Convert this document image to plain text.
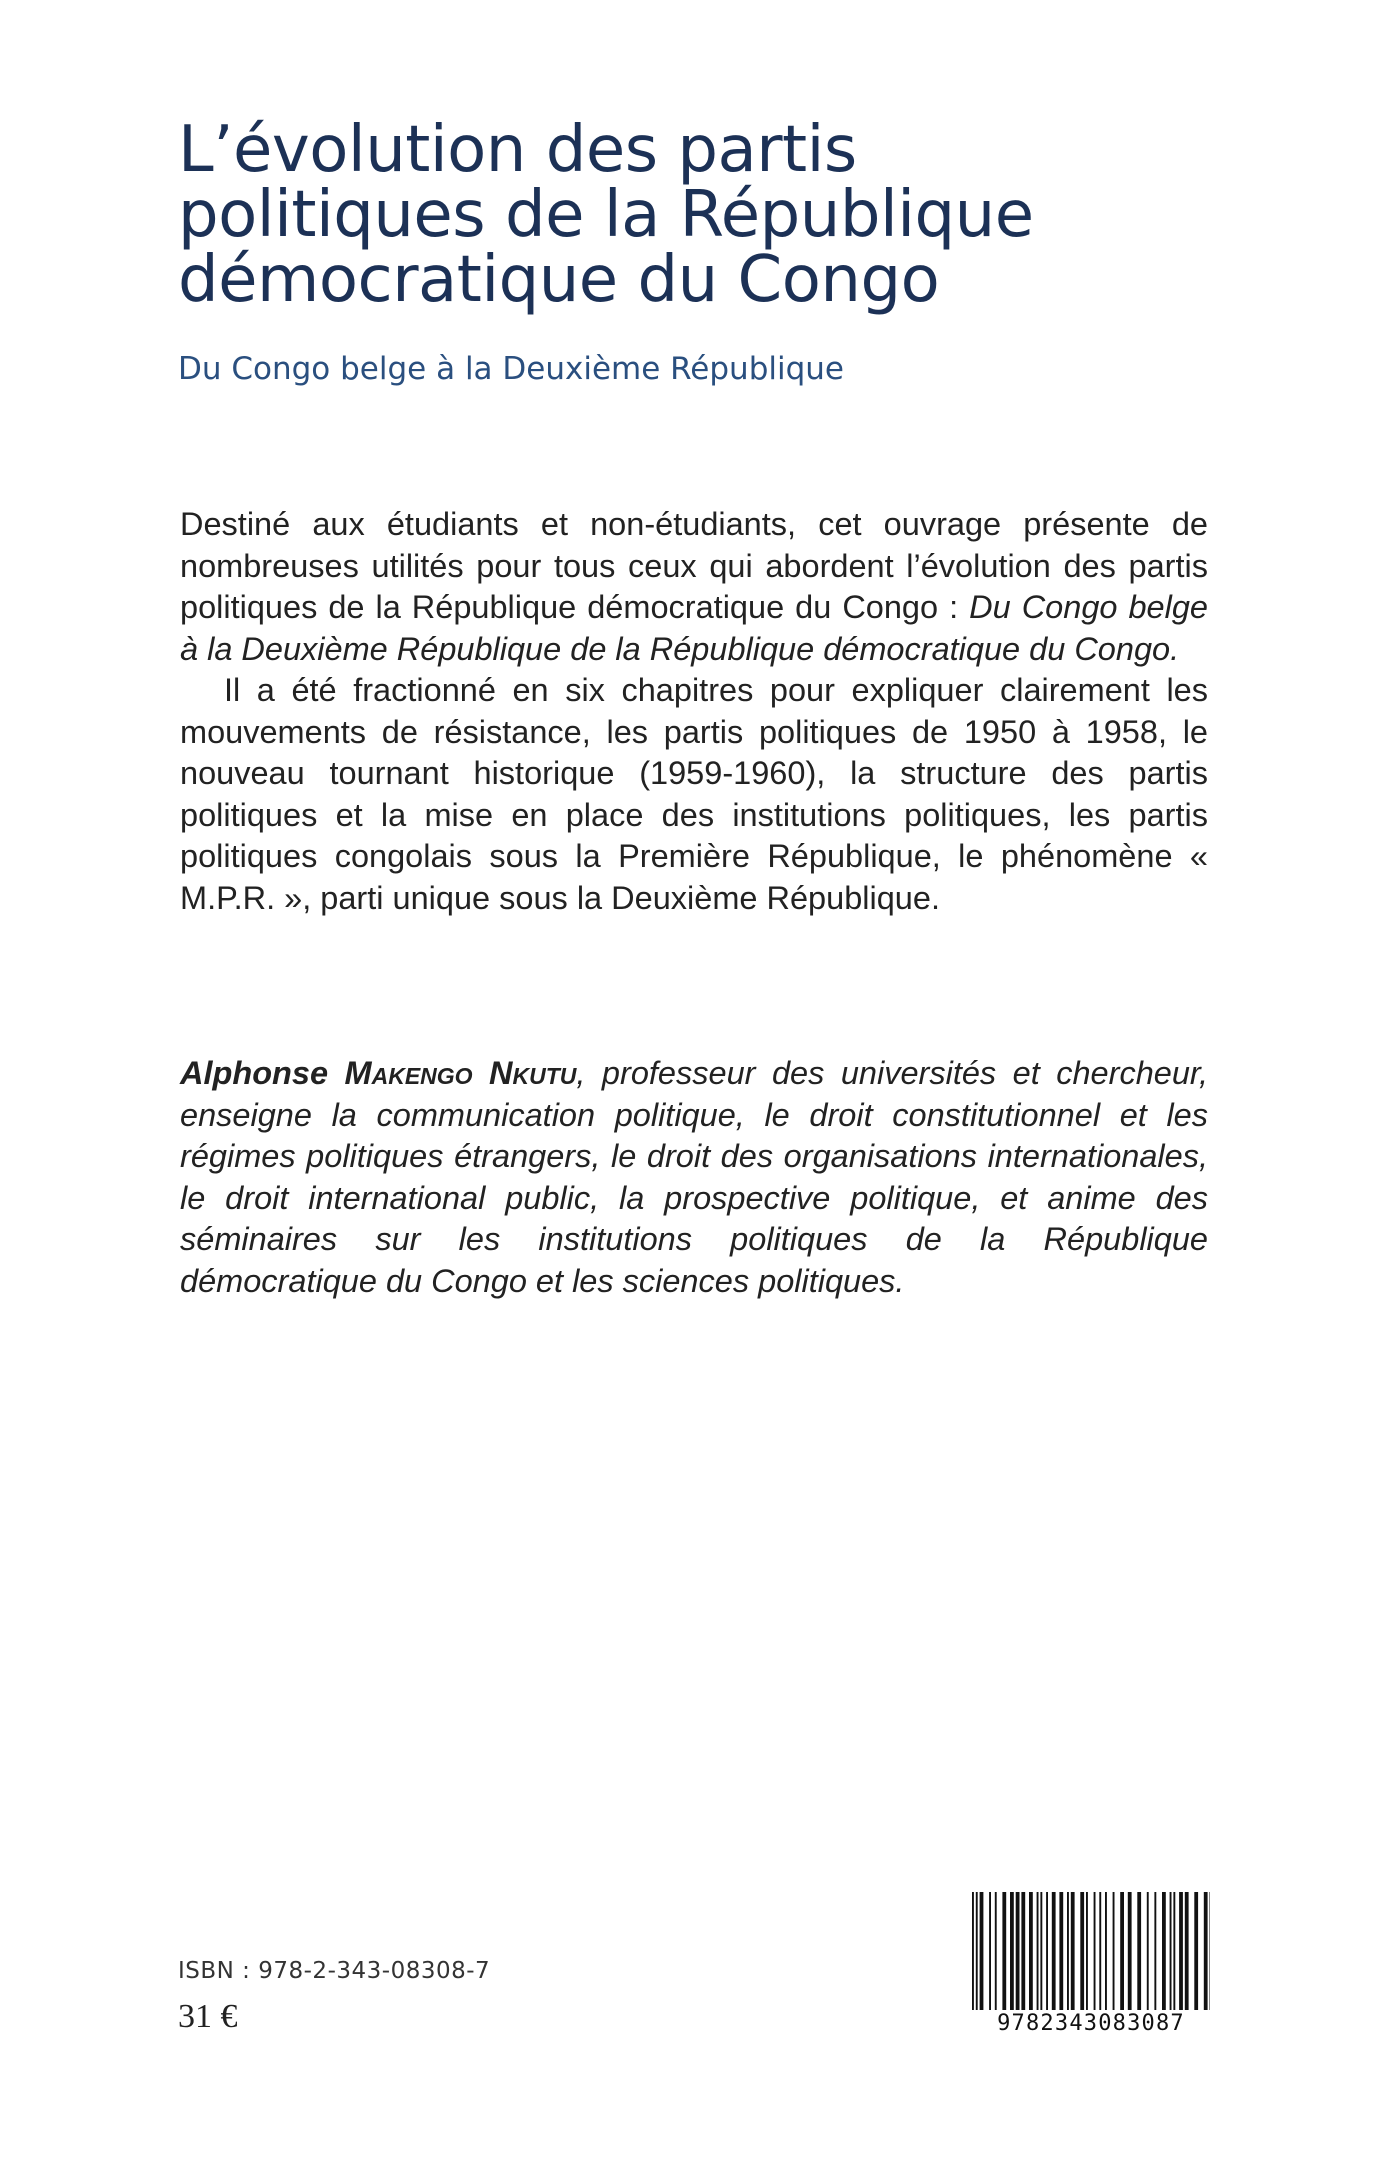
L’évolution des partis
politiques de la République
démocratique du Congo
Du Congo belge à la Deuxième République

Destiné aux étudiants et non-étudiants, cet ouvrage présente de nombreuses utilités pour tous ceux qui abordent l’évolution des partis politiques de la République démocratique du Congo : Du Congo belge à la Deuxième République de la République démocratique du Congo.

Il a été fractionné en six chapitres pour expliquer clairement les mouvements de résistance, les partis politiques de 1950 à 1958, le nouveau tournant historique (1959-1960), la structure des partis politiques et la mise en place des institutions politiques, les partis politiques congolais sous la Première République, le phénomène « M.P.R. », parti unique sous la Deuxième République.

Alphonse Makengo Nkutu, professeur des universités et chercheur, enseigne la communication politique, le droit constitutionnel et les régimes politiques étrangers, le droit des organisations internationales, le droit international public, la prospective politique, et anime des séminaires sur les institutions politiques de la République démocratique du Congo et les sciences politiques.
ISBN : 978-2-343-08308-7
31 €	9782343083087
